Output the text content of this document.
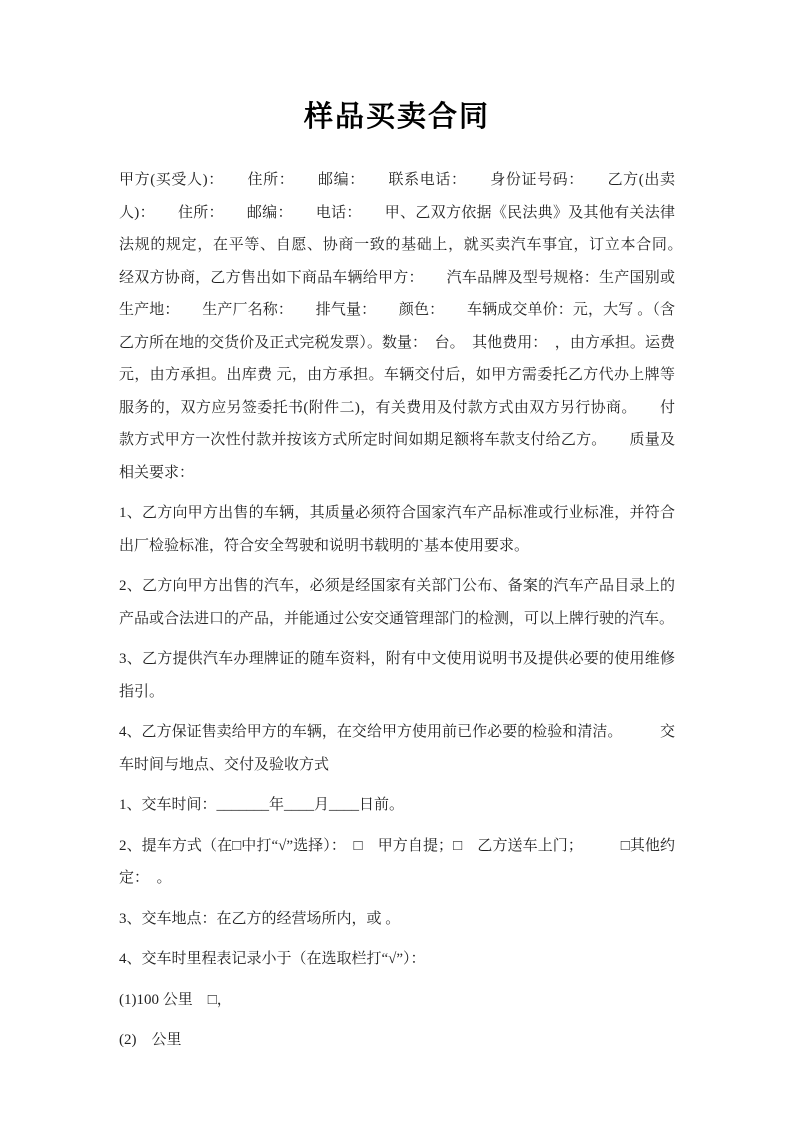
样品买卖合同

甲方(买受人)：　　住所：　　邮编：　　联系电话：　　身份证号码：　　乙方(出卖人)：　　住所：　　邮编：　　电话：　　甲、乙双方依据《民法典》及其他有关法律法规的规定，在平等、自愿、协商一致的基础上，就买卖汽车事宜，订立本合同。　　经双方协商，乙方售出如下商品车辆给甲方：　　汽车品牌及型号规格：生产国别或生产地：　　生产厂名称：　　排气量：　　颜色：　　车辆成交单价：元，大写 。（含乙方所在地的交货价及正式完税发票）。数量：　台。　其他费用：　，由方承担。运费 元，由方承担。出库费 元，由方承担。车辆交付后，如甲方需委托乙方代办上牌等服务的，双方应另签委托书(附件二)，有关费用及付款方式由双方另行协商。　　付款方式甲方一次性付款并按该方式所定时间如期足额将车款支付给乙方。　　质量及相关要求：

1、乙方向甲方出售的车辆，其质量必须符合国家汽车产品标准或行业标准，并符合出厂检验标准，符合安全驾驶和说明书载明的`基本使用要求。

2、乙方向甲方出售的汽车，必须是经国家有关部门公布、备案的汽车产品目录上的产品或合法进口的产品，并能通过公安交通管理部门的检测，可以上牌行驶的汽车。

3、乙方提供汽车办理牌证的随车资料，附有中文使用说明书及提供必要的使用维修指引。

4、乙方保证售卖给甲方的车辆，在交给甲方使用前已作必要的检验和清洁。　　　交车时间与地点、交付及验收方式

1、交车时间：_______年____月____日前。

2、提车方式（在□中打“√”选择）：　□　甲方自提；□　乙方送车上门；　　　□其他约定：　。

3、交车地点：在乙方的经营场所内，或 。

4、交车时里程表记录小于（在选取栏打“√”）：

(1)100 公里　□，

(2)　公里
